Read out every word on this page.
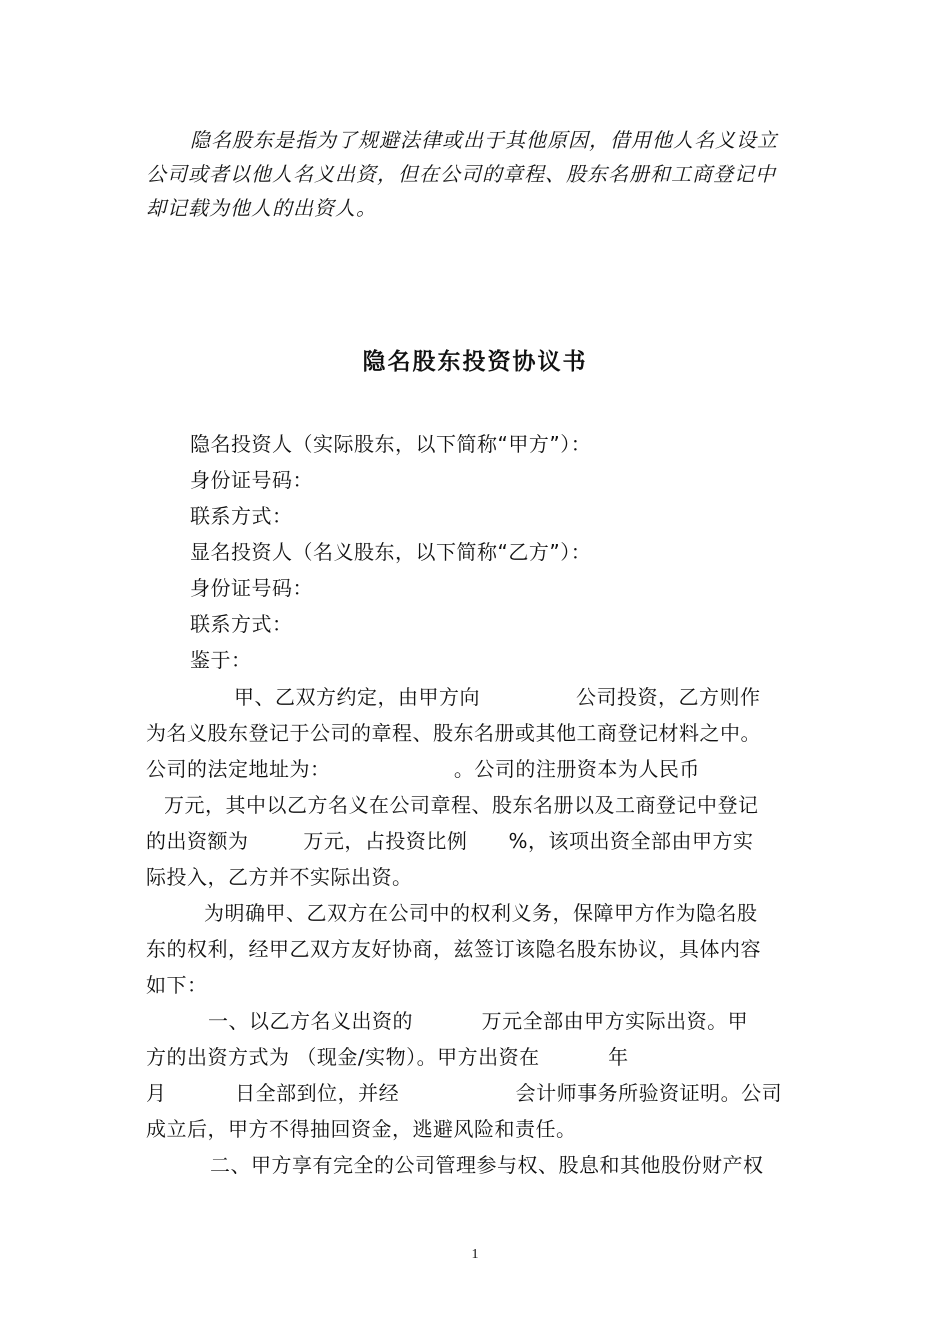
隐名股东是指为了规避法律或出于其他原因，借用他人名义设立
公司或者以他人名义出资，但在公司的章程、股东名册和工商登记中
却记载为他人的出资人。
隐名股东投资协议书
隐名投资人（实际股东，以下简称“甲方”）：
身份证号码：
联系方式：
显名投资人（名义股东，以下简称“乙方”）：
身份证号码：
联系方式：
鉴于：
甲、乙双方约定，由甲方向              公司投资，乙方则作
为名义股东登记于公司的章程、股东名册或其他工商登记材料之中。
公司的法定地址为：                  。公司的注册资本为人民币
万元，其中以乙方名义在公司章程、股东名册以及工商登记中登记
的出资额为        万元，占投资比例      %，该项出资全部由甲方实
际投入，乙方并不实际出资。
为明确甲、乙双方在公司中的权利义务，保障甲方作为隐名股
东的权利，经甲乙双方友好协商，兹签订该隐名股东协议，具体内容
如下：
一、以乙方名义出资的          万元全部由甲方实际出资。甲
方的出资方式为 （现金/实物）。甲方出资在          年
月          日全部到位，并经                 会计师事务所验资证明。公司
成立后，甲方不得抽回资金，逃避风险和责任。
二、甲方享有完全的公司管理参与权、股息和其他股份财产权
1
